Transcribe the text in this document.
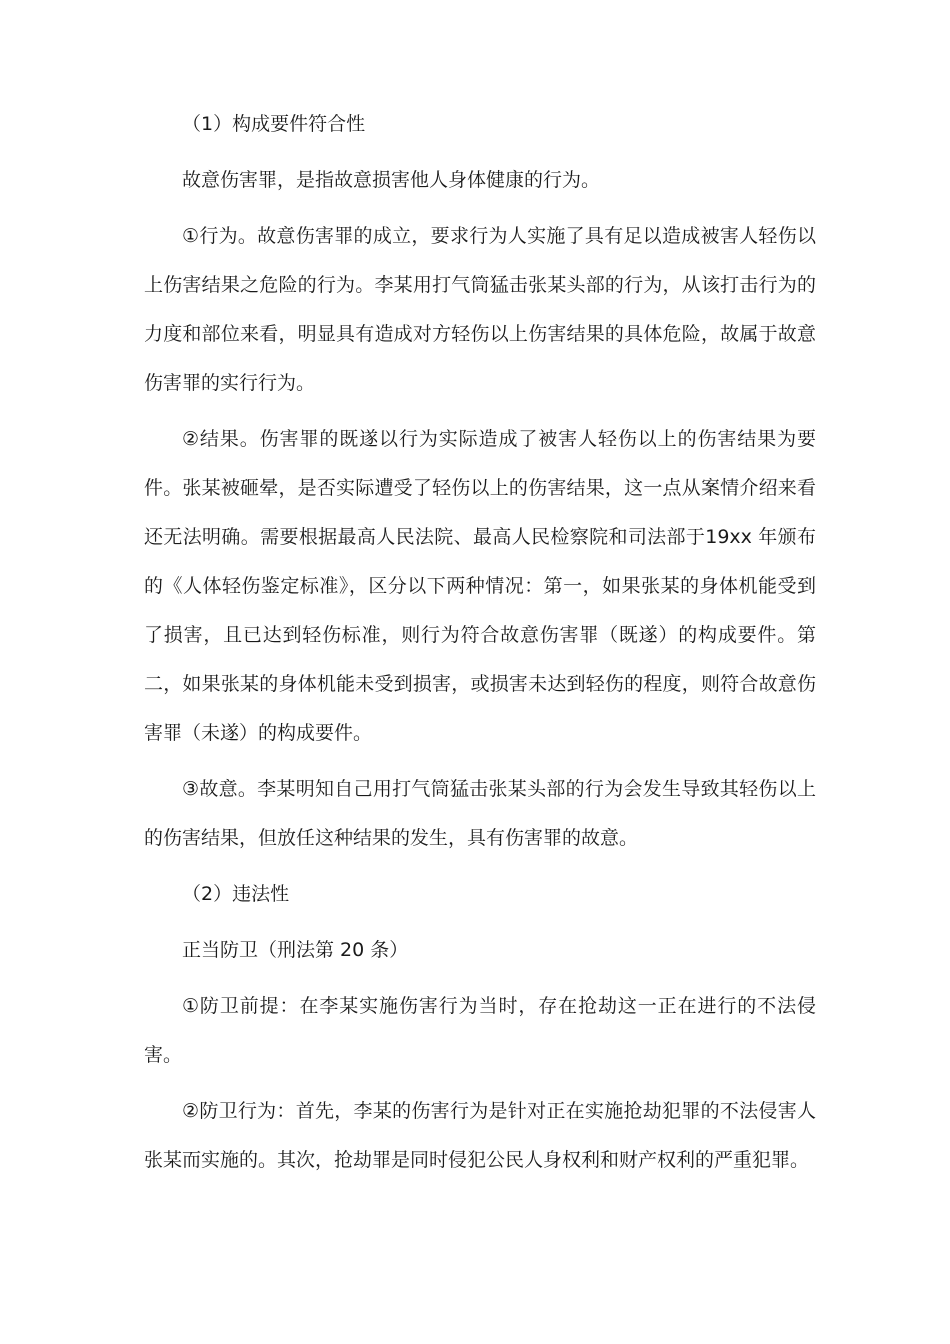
（1）构成要件符合性

故意伤害罪，是指故意损害他人身体健康的行为。

①行为。故意伤害罪的成立，要求行为人实施了具有足以造成被害人轻伤以上伤害结果之危险的行为。李某用打气筒猛击张某头部的行为，从该打击行为的力度和部位来看，明显具有造成对方轻伤以上伤害结果的具体危险，故属于故意伤害罪的实行行为。

②结果。伤害罪的既遂以行为实际造成了被害人轻伤以上的伤害结果为要件。张某被砸晕，是否实际遭受了轻伤以上的伤害结果，这一点从案情介绍来看还无法明确。需要根据最高人民法院、最高人民检察院和司法部于19xx 年颁布的《人体轻伤鉴定标准》，区分以下两种情况：第一，如果张某的身体机能受到了损害，且已达到轻伤标准，则行为符合故意伤害罪（既遂）的构成要件。第二，如果张某的身体机能未受到损害，或损害未达到轻伤的程度，则符合故意伤害罪（未遂）的构成要件。

③故意。李某明知自己用打气筒猛击张某头部的行为会发生导致其轻伤以上的伤害结果，但放任这种结果的发生，具有伤害罪的故意。

（2）违法性

正当防卫（刑法第 20 条）

①防卫前提：在李某实施伤害行为当时，存在抢劫这一正在进行的不法侵害。

②防卫行为：首先，李某的伤害行为是针对正在实施抢劫犯罪的不法侵害人张某而实施的。其次，抢劫罪是同时侵犯公民人身权利和财产权利的严重犯罪。
